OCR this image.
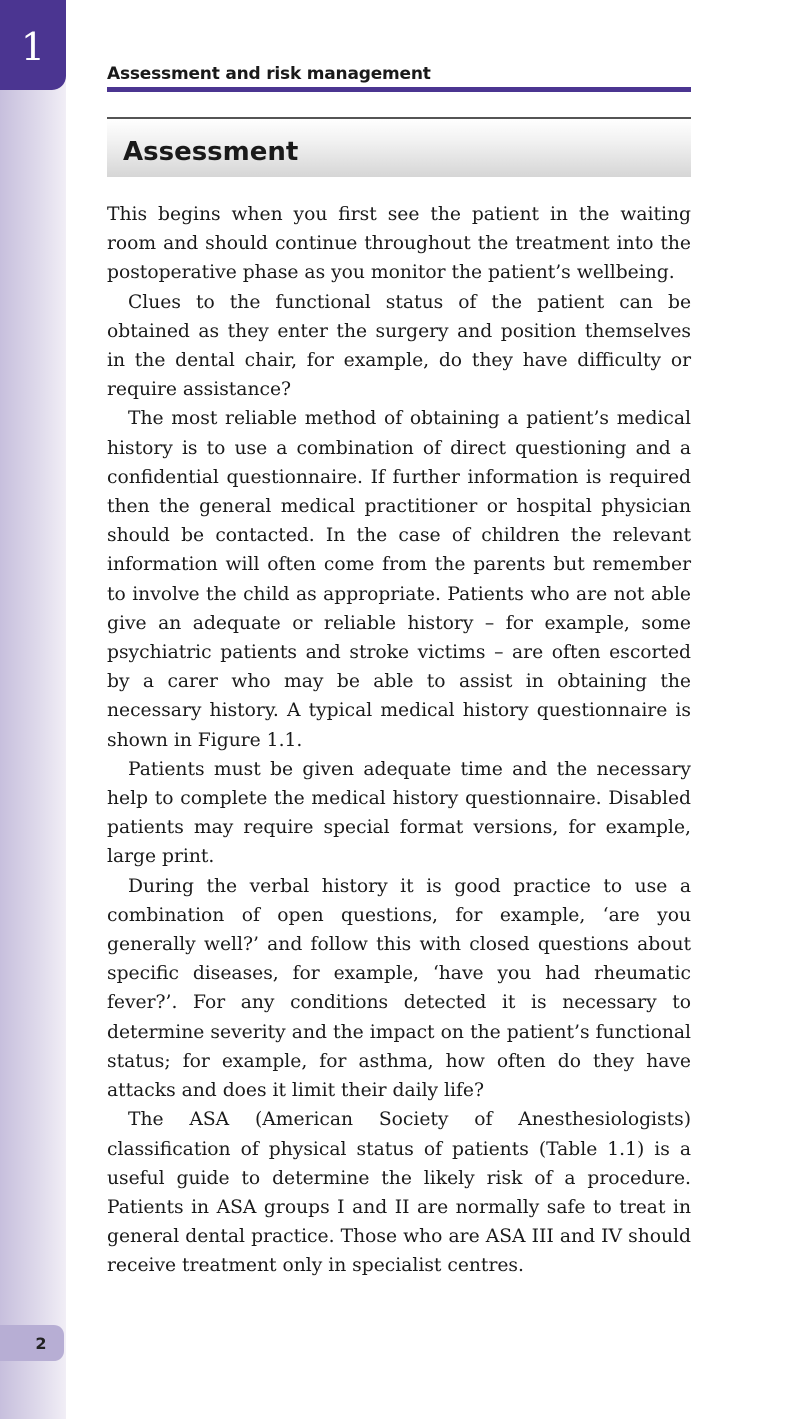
1
Assessment and risk management
Assessment

This begins when you first see the patient in the waiting room and should continue throughout the treatment into the postoperative phase as you monitor the patient’s wellbeing.

Clues to the functional status of the patient can be obtained as they enter the surgery and position themselves in the dental chair, for example, do they have difficulty or require assistance?

The most reliable method of obtaining a patient’s medical history is to use a combination of direct questioning and a confidential questionnaire. If further information is required then the general medical practitioner or hospital physician should be contacted. In the case of children the relevant information will often come from the parents but remember to involve the child as appropriate. Patients who are not able give an adequate or reliable history – for example, some psychiatric patients and stroke victims – are often escorted by a carer who may be able to assist in obtaining the necessary history. A typical medical history questionnaire is shown in Figure 1.1.

Patients must be given adequate time and the necessary help to complete the medical history questionnaire. Disabled patients may require special format versions, for example, large print.

During the verbal history it is good practice to use a combination of open questions, for example, ‘are you generally well?’ and follow this with closed questions about specific diseases, for example, ‘have you had rheumatic fever?’. For any conditions detected it is necessary to determine severity and the impact on the patient’s functional status; for example, for asthma, how often do they have attacks and does it limit their daily life?

The ASA (American Society of Anesthesiologists) classification of physical status of patients (Table 1.1) is a useful guide to determine the likely risk of a procedure. Patients in ASA groups I and II are normally safe to treat in general dental practice. Those who are ASA III and IV should receive treatment only in specialist centres.

2
